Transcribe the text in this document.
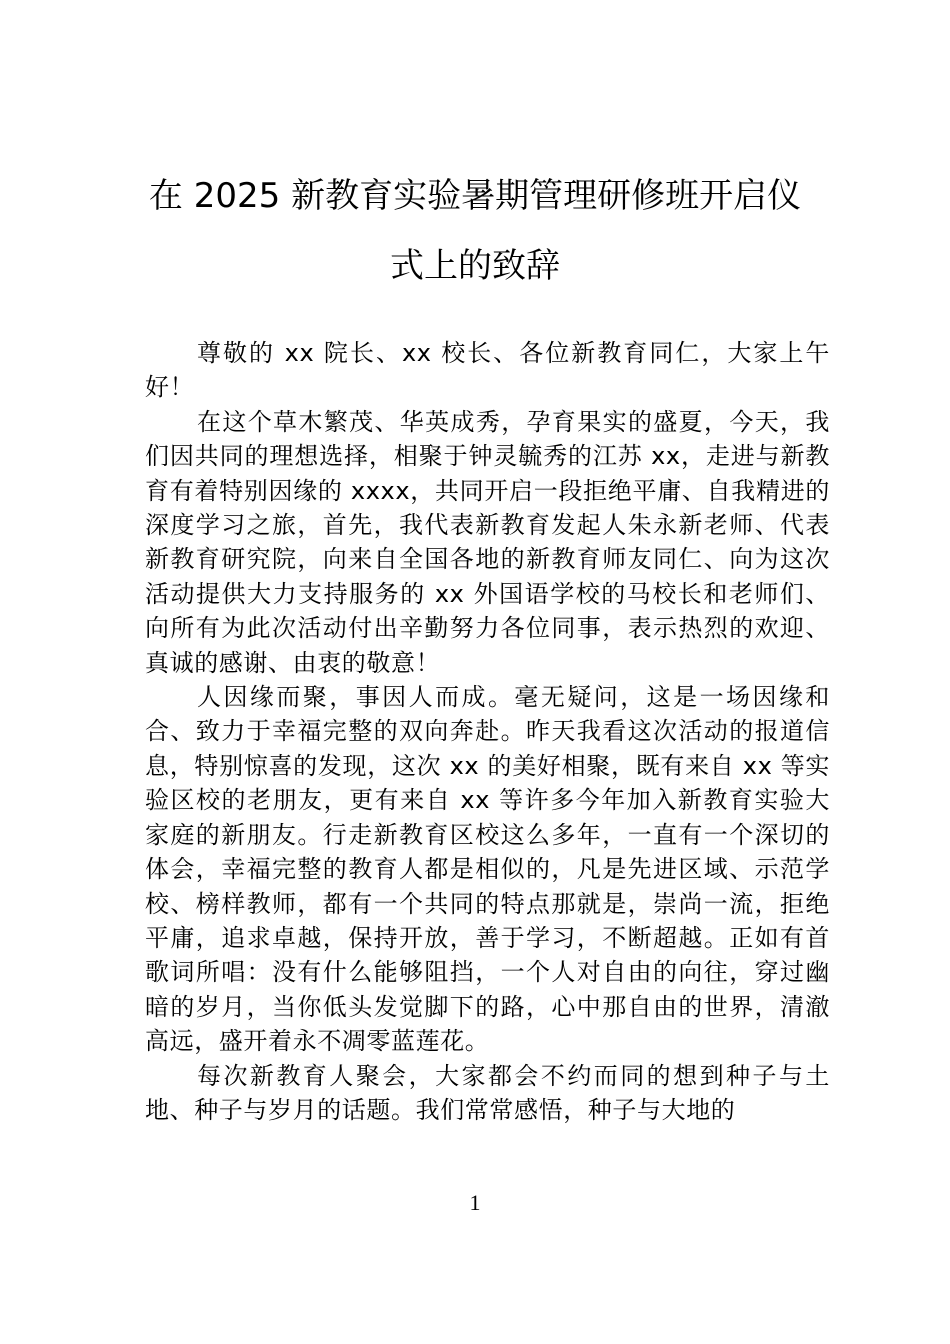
在 2025 新教育实验暑期管理研修班开启仪
式上的致辞

尊敬的 xx 院长、xx 校长、各位新教育同仁，大家上午好！

在这个草木繁茂、华英成秀，孕育果实的盛夏，今天，我们因共同的理想选择，相聚于钟灵毓秀的江苏 xx，走进与新教育有着特别因缘的 xxxx，共同开启一段拒绝平庸、自我精进的深度学习之旅，首先，我代表新教育发起人朱永新老师、代表新教育研究院，向来自全国各地的新教育师友同仁、向为这次活动提供大力支持服务的 xx 外国语学校的马校长和老师们、向所有为此次活动付出辛勤努力各位同事，表示热烈的欢迎、真诚的感谢、由衷的敬意！

人因缘而聚，事因人而成。毫无疑问，这是一场因缘和合、致力于幸福完整的双向奔赴。昨天我看这次活动的报道信息，特别惊喜的发现，这次 xx 的美好相聚，既有来自 xx 等实验区校的老朋友，更有来自 xx 等许多今年加入新教育实验大家庭的新朋友。行走新教育区校这么多年，一直有一个深切的体会，幸福完整的教育人都是相似的，凡是先进区域、示范学校、榜样教师，都有一个共同的特点那就是，崇尚一流，拒绝平庸，追求卓越，保持开放，善于学习，不断超越。正如有首歌词所唱：没有什么能够阻挡，一个人对自由的向往，穿过幽暗的岁月，当你低头发觉脚下的路，心中那自由的世界，清澈高远，盛开着永不凋零蓝莲花。

每次新教育人聚会，大家都会不约而同的想到种子与土地、种子与岁月的话题。我们常常感悟，种子与大地的

1
